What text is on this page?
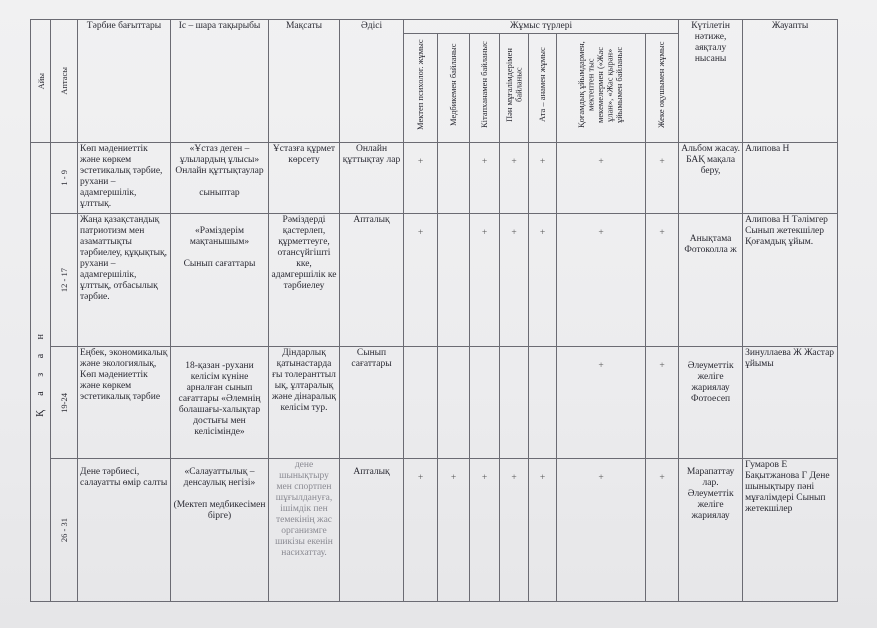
Айы	Аптасы	Тәрбие бағыттары	Іс – шара тақырыбы	Мақсаты	Әдісі	Жұмыс түрлері							Күтілетін нәтиже, аяқталу нысаны	Жауапты

						Мектеп психолог. жұмыс	Медбикемен байланыс	Кітапханамен байланыс	Пән мұғалімдерімен байланыс	Ата – анамен жұмыс	Қоғамдық ұйымдармен, мектептен тыс мекемелермен («Жас ұлан», «Жас қыран» ұйымымен байланыс	Жеке оқушымен жұмыс		

Қ а з а н	1 - 9	Көп мәдениеттік және көркем эстетикалық тәрбие, рухани – адамгершілік, ұлттық.	«Ұстаз деген – ұлылардың ұлысы»
Онлайн құттықтаулар
сыныптар	Ұстазға құрмет көрсету	Онлайн құттықтау лар	+		+	+	+	+	+	Альбом жасау. БАҚ мақала беру,	Алипова Н

	12 - 17	Жаңа қазақстандық патриотизм мен азаматтықты тәрбиелеу, құқықтық, рухани – адамгершілік, ұлттық, отбасылық тәрбие.	«Рәміздерім мақтанышым»
Сынып сағаттары	Рәміздерді қастерлеп, құрметтеуге, отансүйгішті кке, адамгершілік ке тәрбиелеу	Апталық	+		+	+	+	+	+	Анықтама Фотоколла ж	Алипова Н Тәлімгер Сынып жетекшілер Қоғамдық ұйым.

	19-24	Еңбек, экономикалық және экологиялық, Көп мәдениеттік және көркем эстетикалық тәрбие	18-қазан -рухани келісім күніне арналған сынып сағаттары «Әлемнің болашағы-халықтар достығы мен келісімінде»	Діндарлық қатынастарда ғы толеранттыл ық, ұлтаралық және дінаралық келісім тур.	Сынып сағаттары						+	+	Әлеуметтік желіге жариялау Фотоесеп	Зинуллаева Ж Жастар ұйымы

	26 - 31	Дене тәрбиесі, салауатты өмір салты	«Салауаттылық – денсаулық негізі»
(Мектеп медбикесімен бірге)	дене шынықтыру мен спортпен шұғылдануға, ішімдік пен темекінің жас организмге шикізы екенін насихаттау.	Апталық	+	+	+	+	+	+	+	Марапаттау лар. Әлеуметтік желіге жариялау	Гумаров Е Бақытжанова Г Дене шынықтыру пәні мұғалімдері Сынып жетекшілер
